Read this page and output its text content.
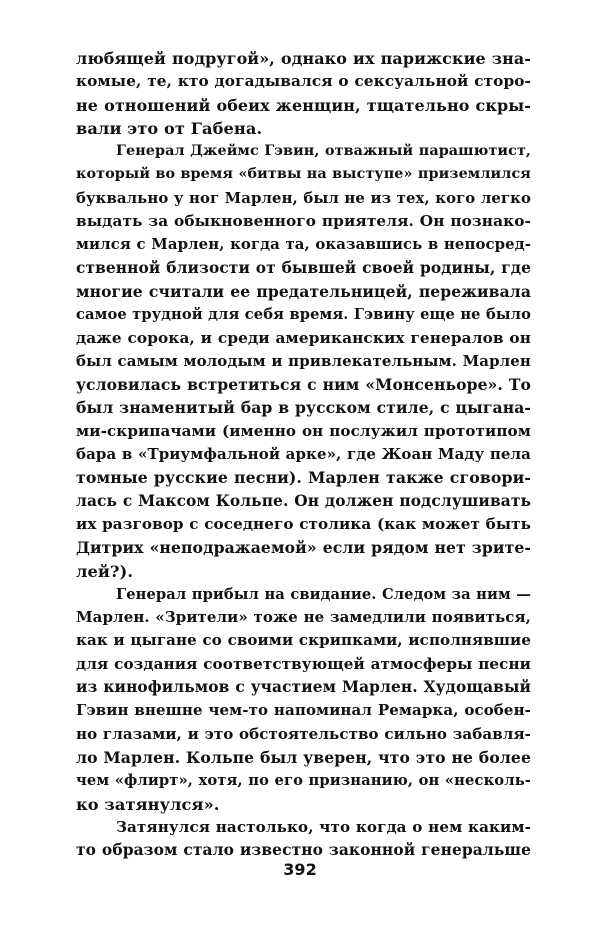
любящей подругой», однако их парижские зна-
комые, те, кто догадывался о сексуальной сторо-
не отношений обеих женщин, тщательно скры-
вали это от Габена.
Генерал Джеймс Гэвин, отважный парашютист,
который во время «битвы на выступе» приземлился
буквально у ног Марлен, был не из тех, кого легко
выдать за обыкновенного приятеля. Он познако-
мился с Марлен, когда та, оказавшись в непосред-
ственной близости от бывшей своей родины, где
многие считали ее предательницей, переживала
самое трудной для себя время. Гэвину еще не было
даже сорока, и среди американских генералов он
был самым молодым и привлекательным. Марлен
условилась встретиться с ним «Монсеньоре». То
был знаменитый бар в русском стиле, с цыгана-
ми-скрипачами (именно он послужил прототипом
бара в «Триумфальной арке», где Жоан Маду пела
томные русские песни). Марлен также сговори-
лась с Максом Кольпе. Он должен подслушивать
их разговор с соседнего столика (как может быть
Дитрих «неподражаемой» если рядом нет зрите-
лей?).
Генерал прибыл на свидание. Следом за ним —
Марлен. «Зрители» тоже не замедлили появиться,
как и цыгане со своими скрипками, исполнявшие
для создания соответствующей атмосферы песни
из кинофильмов с участием Марлен. Худощавый
Гэвин внешне чем-то напоминал Ремарка, особен-
но глазами, и это обстоятельство сильно забавля-
ло Марлен. Кольпе был уверен, что это не более
чем «флирт», хотя, по его признанию, он «несколь-
ко затянулся».
Затянулся настолько, что когда о нем каким-
то образом стало известно законной генеральше
392
